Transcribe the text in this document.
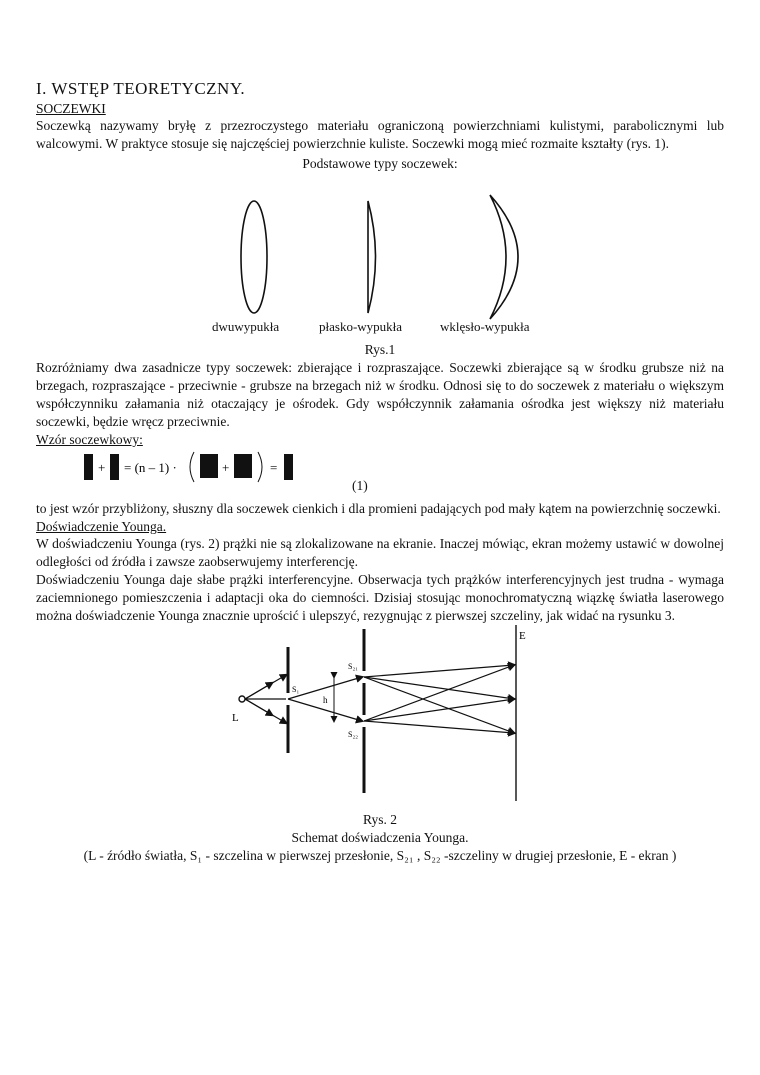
I. WSTĘP TEORETYCZNY.

SOCZEWKI

Soczewką nazywamy bryłę z przezroczystego materiału ograniczoną powierzchniami kulistymi, parabolicznymi lub walcowymi. W praktyce stosuje się najczęściej powierzchnie kuliste. Soczewki mogą mieć rozmaite kształty (rys. 1).

Podstawowe typy soczewek:

dwuwypukła	płasko-wypukła	wklęsło-wypukła

Rys.1

Rozróżniamy dwa zasadnicze typy soczewek: zbierające i rozpraszające. Soczewki zbierające są w środku grubsze niż na brzegach, rozpraszające - przeciwnie - grubsze na brzegach niż w środku. Odnosi się to do soczewek z materiału o większym współczynniku załamania niż otaczający je ośrodek. Gdy współczynnik załamania ośrodka jest większy niż materiału soczewki, będzie wręcz przeciwnie.

Wzór soczewkowy:

+ = (n – 1) ·	+	=
(1)

to jest wzór przybliżony, słuszny dla soczewek cienkich i dla promieni padających pod mały kątem na powierzchnię soczewki.

Doświadczenie Younga.

W doświadczeniu Younga (rys. 2) prążki nie są zlokalizowane na ekranie. Inaczej mówiąc, ekran możemy ustawić w dowolnej odległości od źródła i zawsze zaobserwujemy interferencję.

Doświadczeniu Younga daje słabe prążki interferencyjne. Obserwacja tych prążków interferencyjnych jest trudna - wymaga zaciemnionego pomieszczenia i adaptacji oka do ciemności. Dzisiaj stosując monochromatyczną wiązkę światła laserowego można doświadczenie Younga znacznie uprościć i ulepszyć, rezygnując z pierwszej szczeliny, jak widać na rysunku 3.

L
S₁
S₂₁
S₂₂
h
E

Rys. 2

Schemat doświadczenia Younga.

(L - źródło światła, S₁ - szczelina w pierwszej przesłonie, S₂₁ , S₂₂ -szczeliny w drugiej przesłonie, E - ekran )
